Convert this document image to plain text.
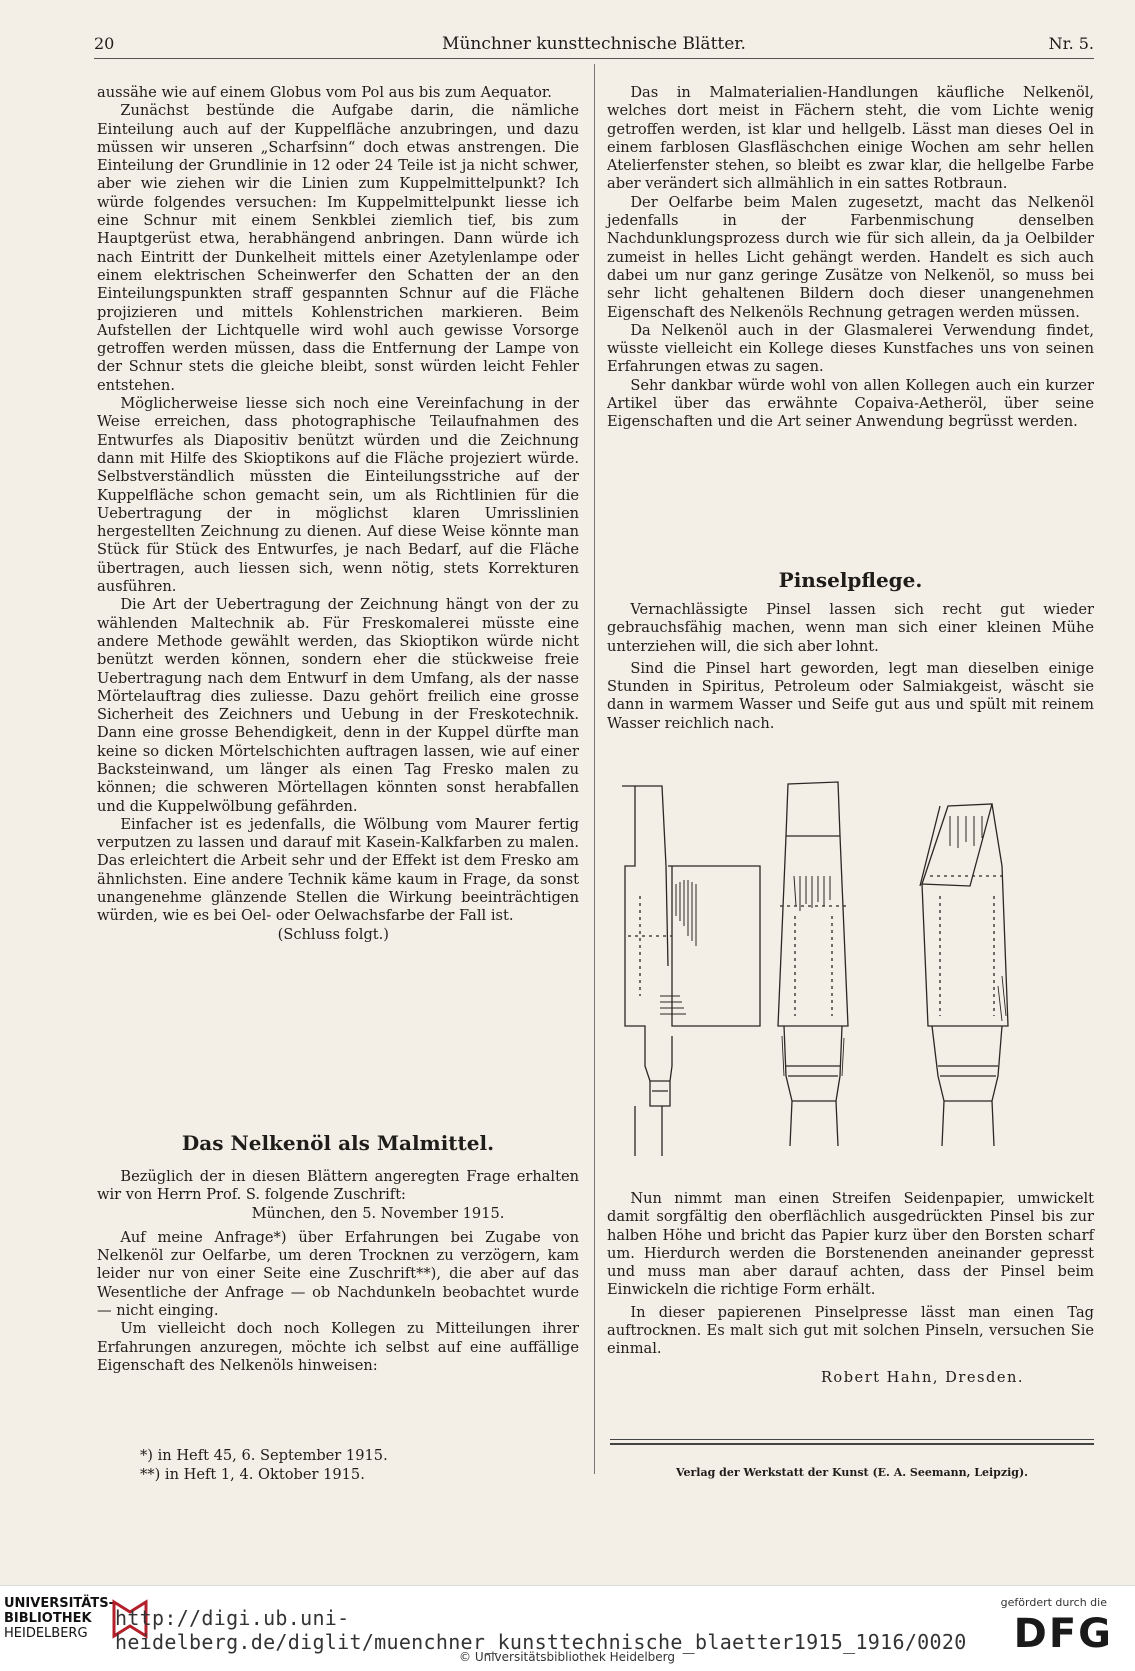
20	Münchner kunsttechnische Blätter.	Nr. 5.

aussähe wie auf einem Globus vom Pol aus bis zum Aequator.

Zunächst bestünde die Aufgabe darin, die nämliche Einteilung auch auf der Kuppelfläche anzubringen, und dazu müssen wir unseren „Scharfsinn“ doch etwas anstrengen. Die Einteilung der Grundlinie in 12 oder 24 Teile ist ja nicht schwer, aber wie ziehen wir die Linien zum Kuppelmittelpunkt? Ich würde folgendes versuchen: Im Kuppelmittelpunkt liesse ich eine Schnur mit einem Senkblei ziemlich tief, bis zum Hauptgerüst etwa, herabhängend anbringen. Dann würde ich nach Eintritt der Dunkelheit mittels einer Azetylenlampe oder einem elektrischen Scheinwerfer den Schatten der an den Einteilungspunkten straff gespannten Schnur auf die Fläche projizieren und mittels Kohlenstrichen markieren. Beim Aufstellen der Lichtquelle wird wohl auch gewisse Vorsorge getroffen werden müssen, dass die Entfernung der Lampe von der Schnur stets die gleiche bleibt, sonst würden leicht Fehler entstehen.

Möglicherweise liesse sich noch eine Vereinfachung in der Weise erreichen, dass photographische Teilaufnahmen des Entwurfes als Diapositiv benützt würden und die Zeichnung dann mit Hilfe des Skioptikons auf die Fläche projeziert würde. Selbstverständlich müssten die Einteilungsstriche auf der Kuppelfläche schon gemacht sein, um als Richtlinien für die Uebertragung der in möglichst klaren Umrisslinien hergestellten Zeichnung zu dienen. Auf diese Weise könnte man Stück für Stück des Entwurfes, je nach Bedarf, auf die Fläche übertragen, auch liessen sich, wenn nötig, stets Korrekturen ausführen.

Die Art der Uebertragung der Zeichnung hängt von der zu wählenden Maltechnik ab. Für Freskomalerei müsste eine andere Methode gewählt werden, das Skioptikon würde nicht benützt werden können, sondern eher die stückweise freie Uebertragung nach dem Entwurf in dem Umfang, als der nasse Mörtelauftrag dies zuliesse. Dazu gehört freilich eine grosse Sicherheit des Zeichners und Uebung in der Freskotechnik. Dann eine grosse Behendigkeit, denn in der Kuppel dürfte man keine so dicken Mörtelschichten auftragen lassen, wie auf einer Backsteinwand, um länger als einen Tag Fresko malen zu können; die schweren Mörtellagen könnten sonst herabfallen und die Kuppelwölbung gefährden.

Einfacher ist es jedenfalls, die Wölbung vom Maurer fertig verputzen zu lassen und darauf mit Kasein-Kalkfarben zu malen. Das erleichtert die Arbeit sehr und der Effekt ist dem Fresko am ähnlichsten. Eine andere Technik käme kaum in Frage, da sonst unangenehme glänzende Stellen die Wirkung beeinträchtigen würden, wie es bei Oel- oder Oelwachsfarbe der Fall ist.

(Schluss folgt.)

Das Nelkenöl als Malmittel.

Bezüglich der in diesen Blättern angeregten Frage erhalten wir von Herrn Prof. S. folgende Zuschrift:

München, den 5. November 1915.

Auf meine Anfrage*) über Erfahrungen bei Zugabe von Nelkenöl zur Oelfarbe, um deren Trocknen zu verzögern, kam leider nur von einer Seite eine Zuschrift**), die aber auf das Wesentliche der Anfrage — ob Nachdunkeln beobachtet wurde — nicht einging.

Um vielleicht doch noch Kollegen zu Mitteilungen ihrer Erfahrungen anzuregen, möchte ich selbst auf eine auffällige Eigenschaft des Nelkenöls hinweisen:

*) in Heft 45, 6. September 1915.
**) in Heft 1, 4. Oktober 1915.

Das in Malmaterialien-Handlungen käufliche Nelkenöl, welches dort meist in Fächern steht, die vom Lichte wenig getroffen werden, ist klar und hellgelb. Lässt man dieses Oel in einem farblosen Glasfläschchen einige Wochen am sehr hellen Atelierfenster stehen, so bleibt es zwar klar, die hellgelbe Farbe aber verändert sich allmählich in ein sattes Rotbraun.

Der Oelfarbe beim Malen zugesetzt, macht das Nelkenöl jedenfalls in der Farbenmischung denselben Nachdunklungsprozess durch wie für sich allein, da ja Oelbilder zumeist in helles Licht gehängt werden. Handelt es sich auch dabei um nur ganz geringe Zusätze von Nelkenöl, so muss bei sehr licht gehaltenen Bildern doch dieser unangenehmen Eigenschaft des Nelkenöls Rechnung getragen werden müssen.

Da Nelkenöl auch in der Glasmalerei Verwendung findet, wüsste vielleicht ein Kollege dieses Kunstfaches uns von seinen Erfahrungen etwas zu sagen.

Sehr dankbar würde wohl von allen Kollegen auch ein kurzer Artikel über das erwähnte Copaiva-Aetheröl, über seine Eigenschaften und die Art seiner Anwendung begrüsst werden.

Pinselpflege.

Vernachlässigte Pinsel lassen sich recht gut wieder gebrauchsfähig machen, wenn man sich einer kleinen Mühe unterziehen will, die sich aber lohnt.

Sind die Pinsel hart geworden, legt man dieselben einige Stunden in Spiritus, Petroleum oder Salmiakgeist, wäscht sie dann in warmem Wasser und Seife gut aus und spült mit reinem Wasser reichlich nach.

Nun nimmt man einen Streifen Seidenpapier, umwickelt damit sorgfältig den oberflächlich ausgedrückten Pinsel bis zur halben Höhe und bricht das Papier kurz über den Borsten scharf um. Hierdurch werden die Borstenenden aneinander gepresst und muss man aber darauf achten, dass der Pinsel beim Einwickeln die richtige Form erhält.

In dieser papierenen Pinselpresse lässt man einen Tag auftrocknen. Es malt sich gut mit solchen Pinseln, versuchen Sie einmal.

Robert Hahn, Dresden.

Verlag der Werkstatt der Kunst (E. A. Seemann, Leipzig).
UNIVERSITÄTS-
BIBLIOTHEK
HEIDELBERG
http://digi.ub.uni-heidelberg.de/diglit/muenchner_kunsttechnische_blaetter1915_1916/0020
© Universitätsbibliothek Heidelberg
gefördert durch die
DFG
